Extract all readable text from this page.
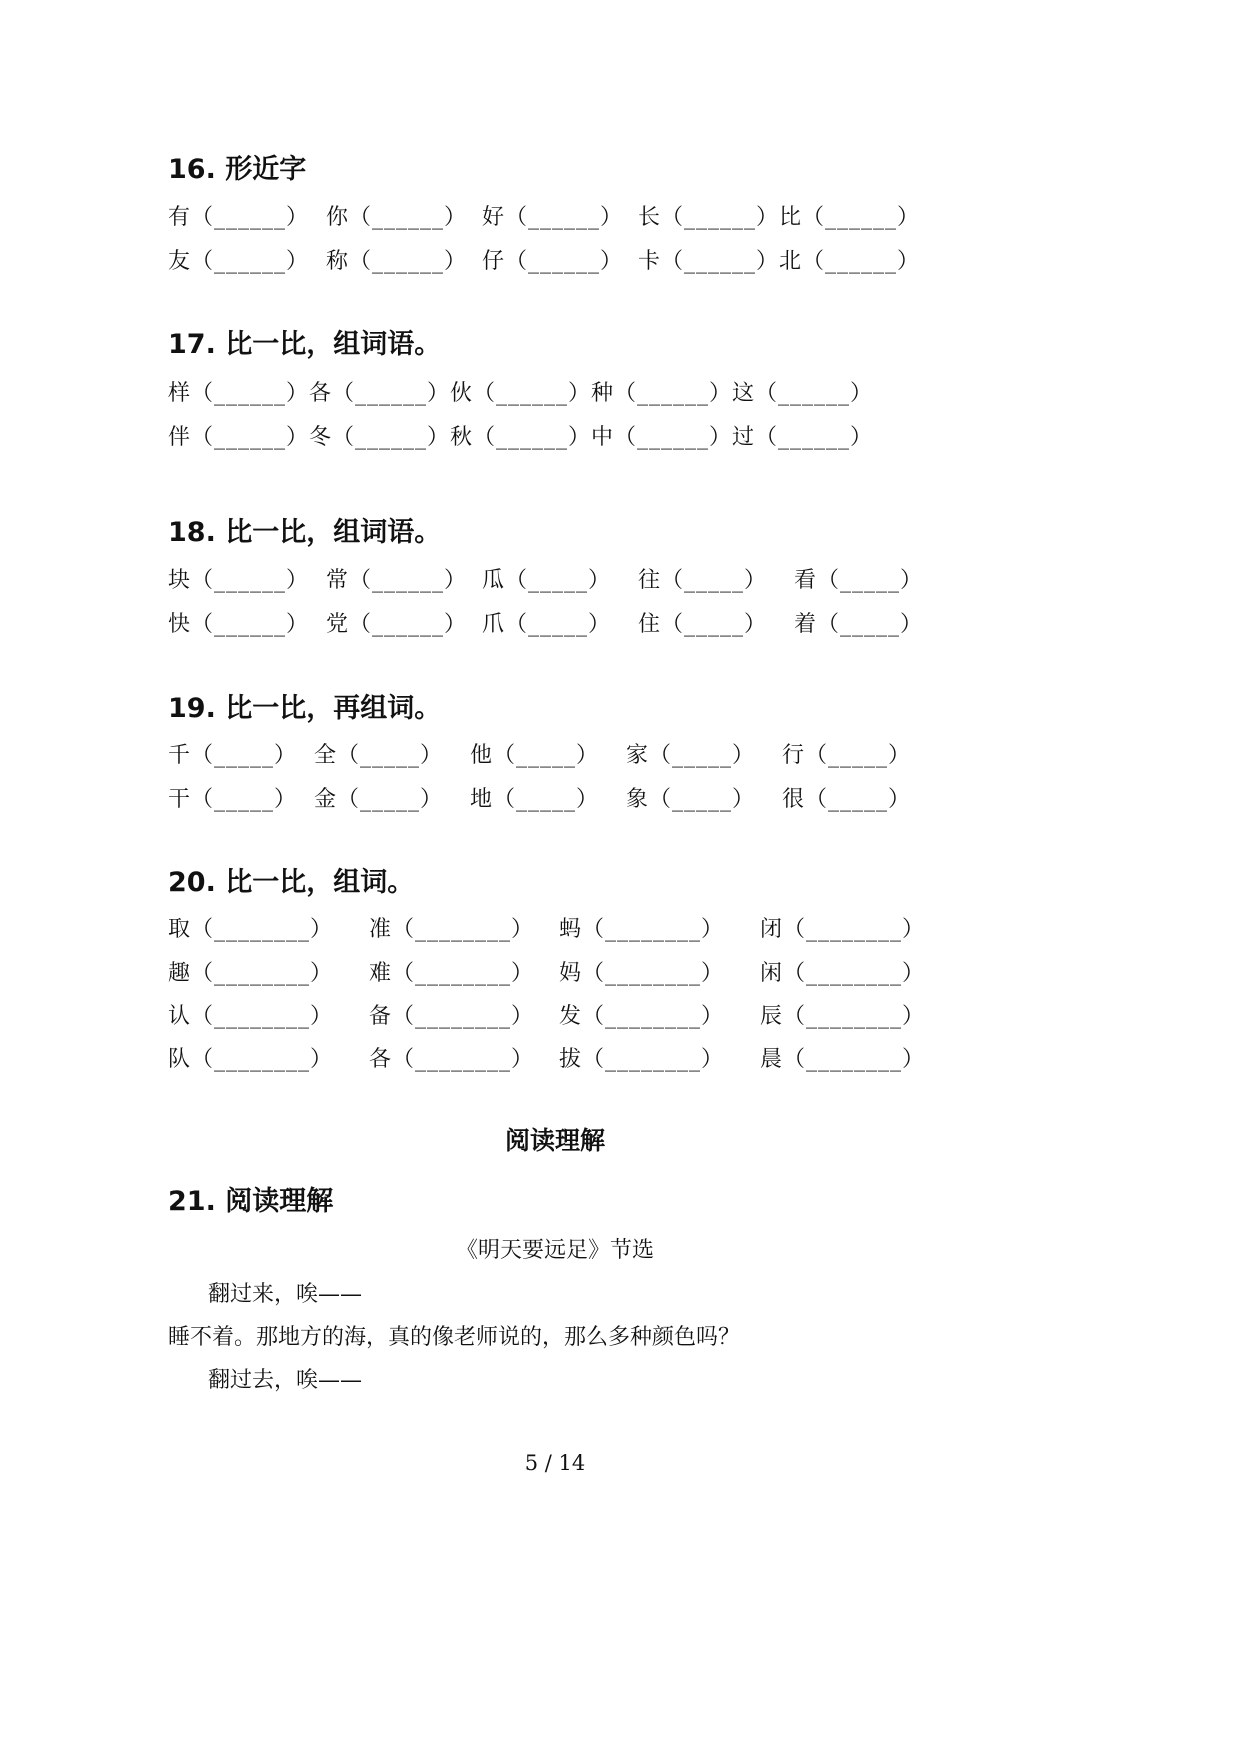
16. 形近字
有（______） 你（______） 好（______） 长（______）比（______）
友（______） 称（______） 仔（______） 卡（______）北（______）
17. 比一比，组词语。
样（______）各（______）伙（______）种（______）这（______）
伴（______）冬（______）秋（______）中（______）过（______）
18. 比一比，组词语。
块（______） 常（______） 瓜（_____） 往（_____） 看（_____）
快（______） 党（______） 爪（_____） 住（_____） 着（_____）
19. 比一比，再组词。
千（_____） 全（_____） 他（_____） 家（_____） 行（_____）
干（_____） 金（_____） 地（_____） 象（_____） 很（_____）
20. 比一比，组词。
取（________） 准（________） 蚂（________） 闭（________）
趣（________） 难（________） 妈（________） 闲（________）
认（________） 备（________） 发（________） 辰（________）
队（________） 各（________） 拔（________） 晨（________）
阅读理解
21. 阅读理解
《明天要远足》节选
翻过来，唉——
睡不着。那地方的海，真的像老师说的，那么多种颜色吗？
翻过去，唉——
5 / 14
